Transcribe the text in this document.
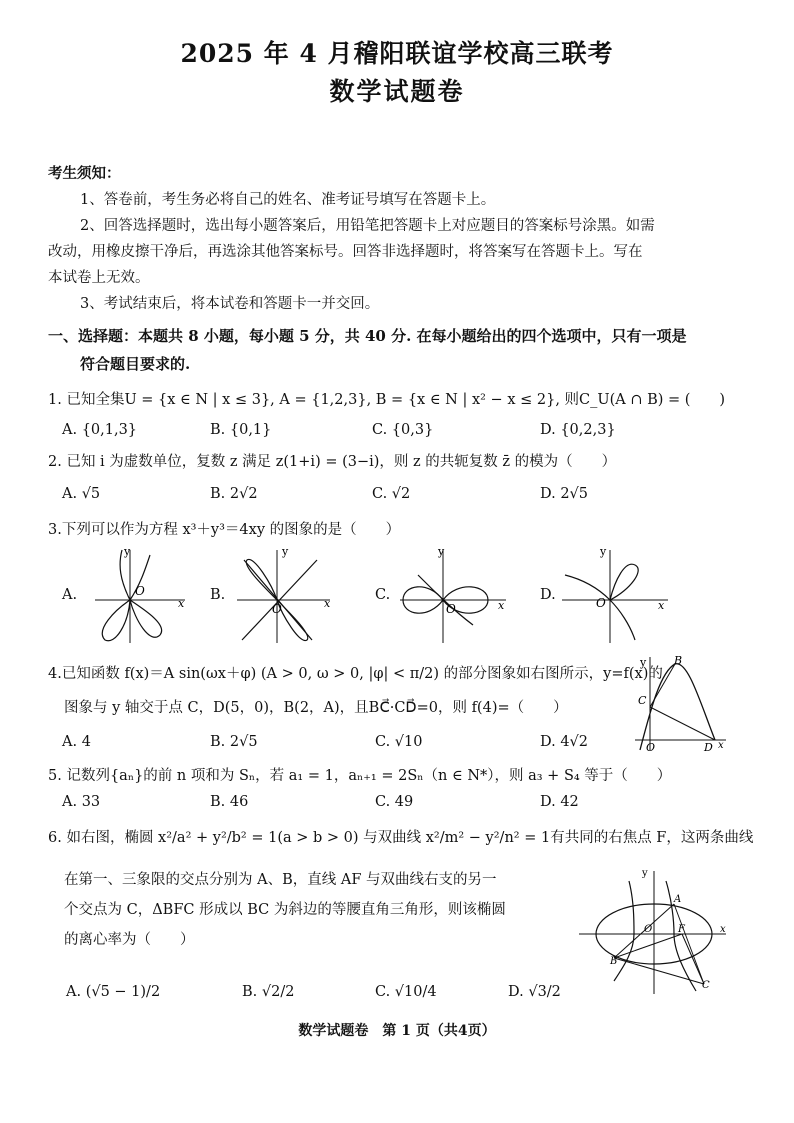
2025 年 4 月稽阳联谊学校高三联考
数学试题卷
考生须知：
1、答卷前，考生务必将自己的姓名、准考证号填写在答题卡上。
2、回答选择题时，选出每小题答案后，用铅笔把答题卡上对应题目的答案标号涂黑。如需
改动，用橡皮擦干净后，再选涂其他答案标号。回答非选择题时，将答案写在答题卡上。写在
本试卷上无效。
3、考试结束后，将本试卷和答题卡一并交回。
一、选择题：本题共 8 小题，每小题 5 分，共 40 分. 在每小题给出的四个选项中，只有一项是
符合题目要求的.
1. 已知全集U = {x ∈ N | x ≤ 3}, A = {1,2,3}, B = {x ∈ N | x² − x ≤ 2}, 则C_U(A ∩ B) = (　　)
A. {0,1,3}	B. {0,1}	C. {0,3}	D. {0,2,3}
2. 已知 i 为虚数单位，复数 z 满足 z(1+i) = (3−i)，则 z 的共轭复数 z̄ 的模为（　　）
A. √5	B. 2√2	C. √2	D. 2√5
3.下列可以作为方程 x³＋y³＝4xy 的图象的是（　　）
A.	B.	C.	D.
y
O
x
y
O	x
y
O	x
y
O	x
4.已知函数 f(x)＝A sin(ωx＋φ) (A > 0, ω > 0, |φ| < π/2) 的部分图象如右图所示，y=f(x)的
图象与 y 轴交于点 C，D(5，0)，B(2，A)，且BC⃗·CD⃗=0，则 f(4)=（　　）
A. 4	B. 2√5	C. √10	D. 4√2
y	B
C
O	D x
5. 记数列{aₙ}的前 n 项和为 Sₙ，若 a₁ = 1，aₙ₊₁ = 2Sₙ（n ∈ N*），则 a₃ + S₄ 等于（　　）
A. 33	B. 46	C. 49	D. 42
6. 如右图，椭圆 x²/a² + y²/b² = 1(a > b > 0) 与双曲线 x²/m² − y²/n² = 1有共同的右焦点 F，这两条曲线
在第一、三象限的交点分别为 A、B，直线 AF 与双曲线右支的另一
个交点为 C，ΔBFC 形成以 BC 为斜边的等腰直角三角形，则该椭圆
的离心率为（　　）
A. (√5 − 1)/2	B. √2/2	C. √10/4	D. √3/2
y
A
O	F	x
B
C
数学试题卷　第 1 页（共4页）
